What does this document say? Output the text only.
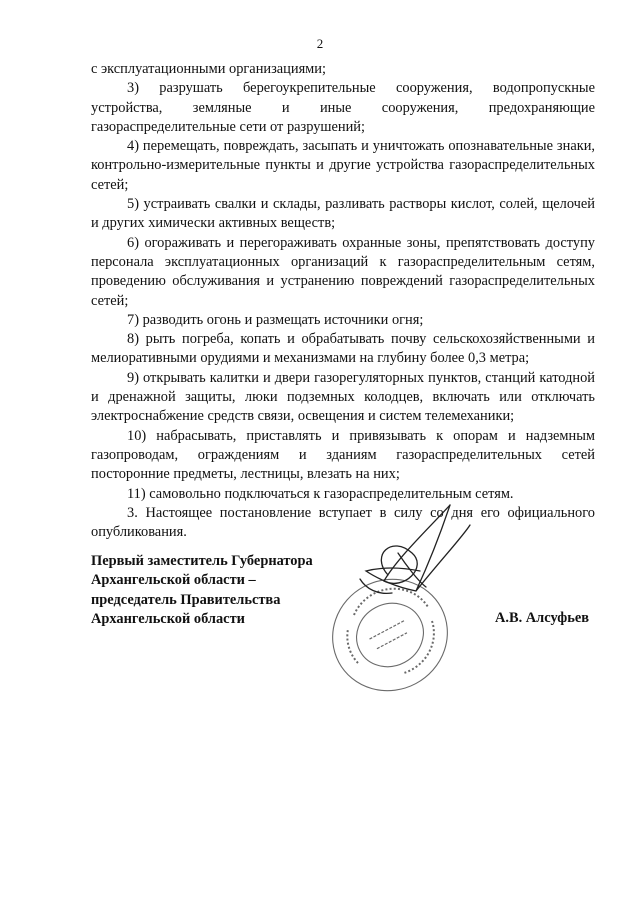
2

с эксплуатационными организациями;

3) разрушать берегоукрепительные сооружения, водопропускные устройства, земляные и иные сооружения, предохраняющие газораспределительные сети от разрушений;

4) перемещать, повреждать, засыпать и уничтожать опознавательные знаки, контрольно-измерительные пункты и другие устройства газораспределительных сетей;

5) устраивать свалки и склады, разливать растворы кислот, солей, щелочей и других химически активных веществ;

6) огораживать и перегораживать охранные зоны, препятствовать доступу персонала эксплуатационных организаций к газораспределительным сетям, проведению обслуживания и устранению повреждений газораспределительных сетей;

7) разводить огонь и размещать источники огня;

8) рыть погреба, копать и обрабатывать почву сельскохозяйственными и мелиоративными орудиями и механизмами на глубину более 0,3 метра;

9) открывать калитки и двери газорегуляторных пунктов, станций катодной и дренажной защиты, люки подземных колодцев, включать или отключать электроснабжение средств связи, освещения и систем телемеханики;

10) набрасывать, приставлять и привязывать к опорам и надземным газопроводам, ограждениям и зданиям газораспределительных сетей посторонние предметы, лестницы, влезать на них;

11) самовольно подключаться к газораспределительным сетям.

3. Настоящее постановление вступает в силу со дня его официального опубликования.

Первый заместитель Губернатора
Архангельской области –
председатель Правительства
Архангельской области	А.В. Алсуфьев
